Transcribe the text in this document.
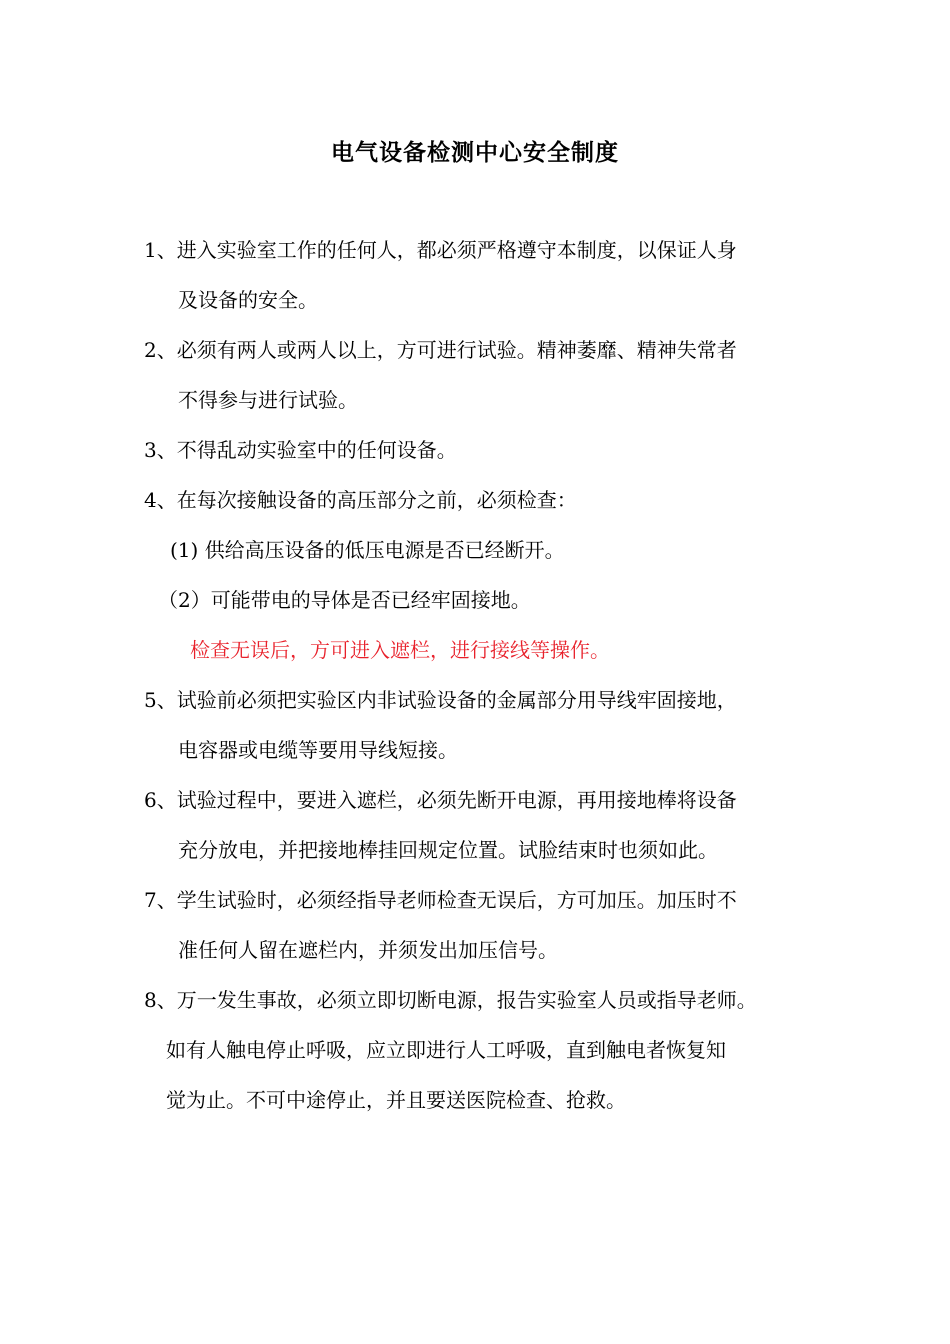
电气设备检测中心安全制度
1、进入实验室工作的任何人，都必须严格遵守本制度，以保证人身
及设备的安全。
2、必须有两人或两人以上，方可进行试验。精神萎靡、精神失常者
不得参与进行试验。
3、不得乱动实验室中的任何设备。
4、在每次接触设备的高压部分之前，必须检查：
(1) 供给高压设备的低压电源是否已经断开。
（2）可能带电的导体是否已经牢固接地。
检查无误后，方可进入遮栏，进行接线等操作。
5、试验前必须把实验区内非试验设备的金属部分用导线牢固接地，
电容器或电缆等要用导线短接。
6、试验过程中，要进入遮栏，必须先断开电源，再用接地棒将设备
充分放电，并把接地棒挂回规定位置。试脸结束时也须如此。
7、学生试验时，必须经指导老师检查无误后，方可加压。加压时不
准任何人留在遮栏内，并须发出加压信号。
8、万一发生事故，必须立即切断电源，报告实验室人员或指导老师。
如有人触电停止呼吸，应立即进行人工呼吸，直到触电者恢复知
觉为止。不可中途停止，并且要送医院检查、抢救。
